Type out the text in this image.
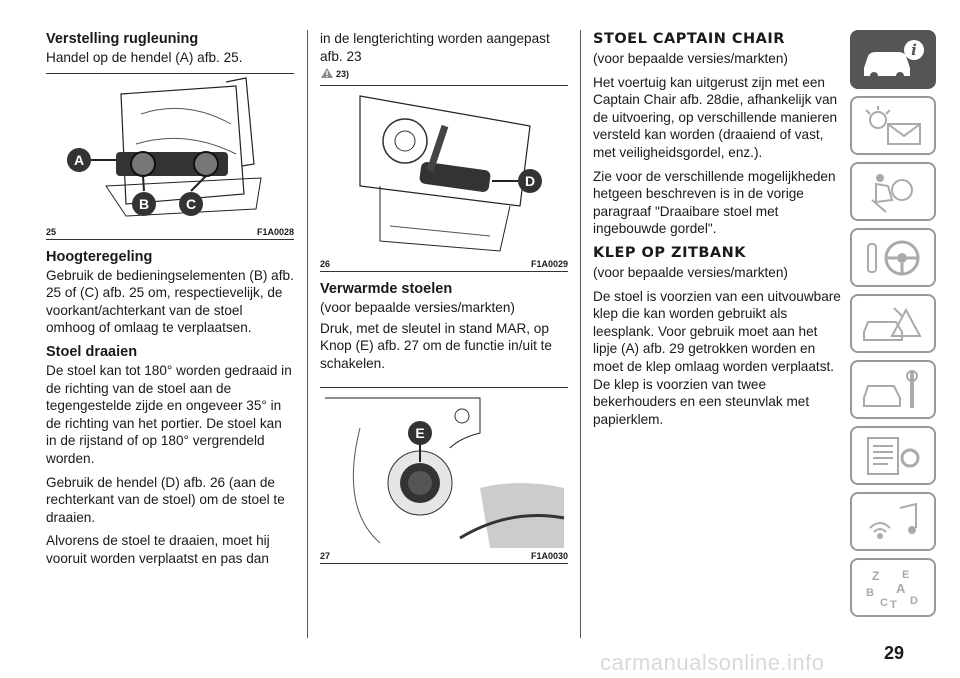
Verstelling rugleuning

Handel op de hendel (A) afb. 25.

A
B	C
25	F1A0028
Hoogteregeling

Gebruik de bedieningselementen (B) afb. 25 of (C) afb. 25 om, respectievelijk, de voorkant/achterkant van de stoel omhoog of omlaag te verplaatsen.

Stoel draaien

De stoel kan tot 180° worden gedraaid in de richting van de stoel aan de tegengestelde zijde en ongeveer 35° in de richting van het portier. De stoel kan in de rijstand of op 180° vergrendeld worden.

Gebruik de hendel (D) afb. 26 (aan de rechterkant van de stoel) om de stoel te draaien.

Alvorens de stoel te draaien, moet hij vooruit worden verplaatst en pas dan

in de lengterichting worden aangepast afb. 23

23)
D
26	F1A0029
Verwarmde stoelen

(voor bepaalde versies/markten)

Druk, met de sleutel in stand MAR, op Knop (E) afb. 27 om de functie in/uit te schakelen.

E
27	F1A0030
STOEL CAPTAIN CHAIR

(voor bepaalde versies/markten)

Het voertuig kan uitgerust zijn met een Captain Chair afb. 28die, afhankelijk van de uitvoering, op verschillende manieren versteld kan worden (draaiend of vast, met veiligheidsgordel, enz.).

Zie voor de verschillende mogelijkheden hetgeen beschreven is in de vorige paragraaf "Draaibare stoel met ingebouwde gordel".

KLEP OP ZITBANK

(voor bepaalde versies/markten)

De stoel is voorzien van een uitvouwbare klep die kan worden gebruikt als leesplank. Voor gebruik moet aan het lipje (A) afb. 29 getrokken worden en moet de klep omlaag worden verplaatst. De klep is voorzien van twee bekerhouders en een steunvlak met papierklem.

i
Z E
A
B
C T D
29
carmanualsonline.info
